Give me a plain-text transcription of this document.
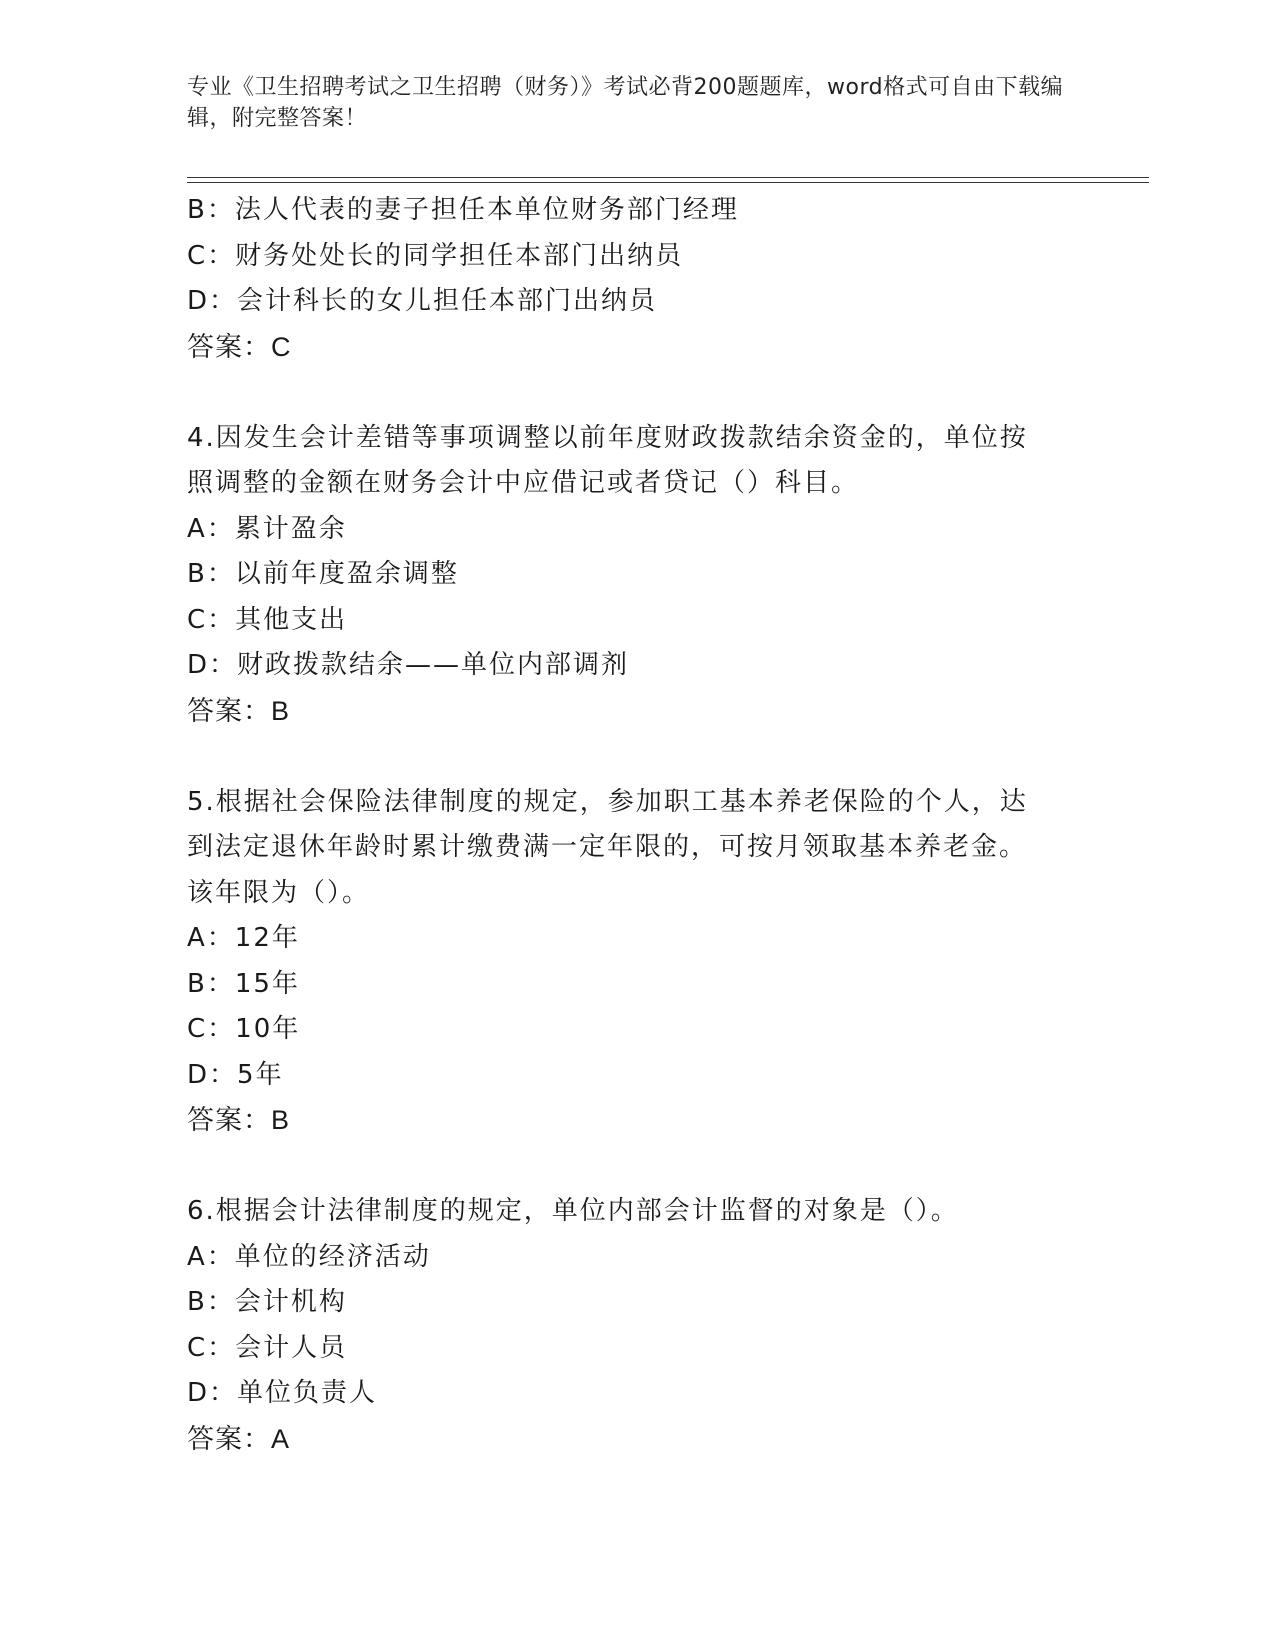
专业《卫生招聘考试之卫生招聘（财务）》考试必背200题题库，word格式可自由下载编辑，附完整答案！
B：法人代表的妻子担任本单位财务部门经理
C：财务处处长的同学担任本部门出纳员
D：会计科长的女儿担任本部门出纳员
答案：C
4.因发生会计差错等事项调整以前年度财政拨款结余资金的，单位按
照调整的金额在财务会计中应借记或者贷记（）科目。
A：累计盈余
B：以前年度盈余调整
C：其他支出
D：财政拨款结余——单位内部调剂
答案：B
5.根据社会保险法律制度的规定，参加职工基本养老保险的个人，达
到法定退休年龄时累计缴费满一定年限的，可按月领取基本养老金。
该年限为（）。
A：12年
B：15年
C：10年
D：5年
答案：B
6.根据会计法律制度的规定，单位内部会计监督的对象是（）。
A：单位的经济活动
B：会计机构
C：会计人员
D：单位负责人
答案：A
